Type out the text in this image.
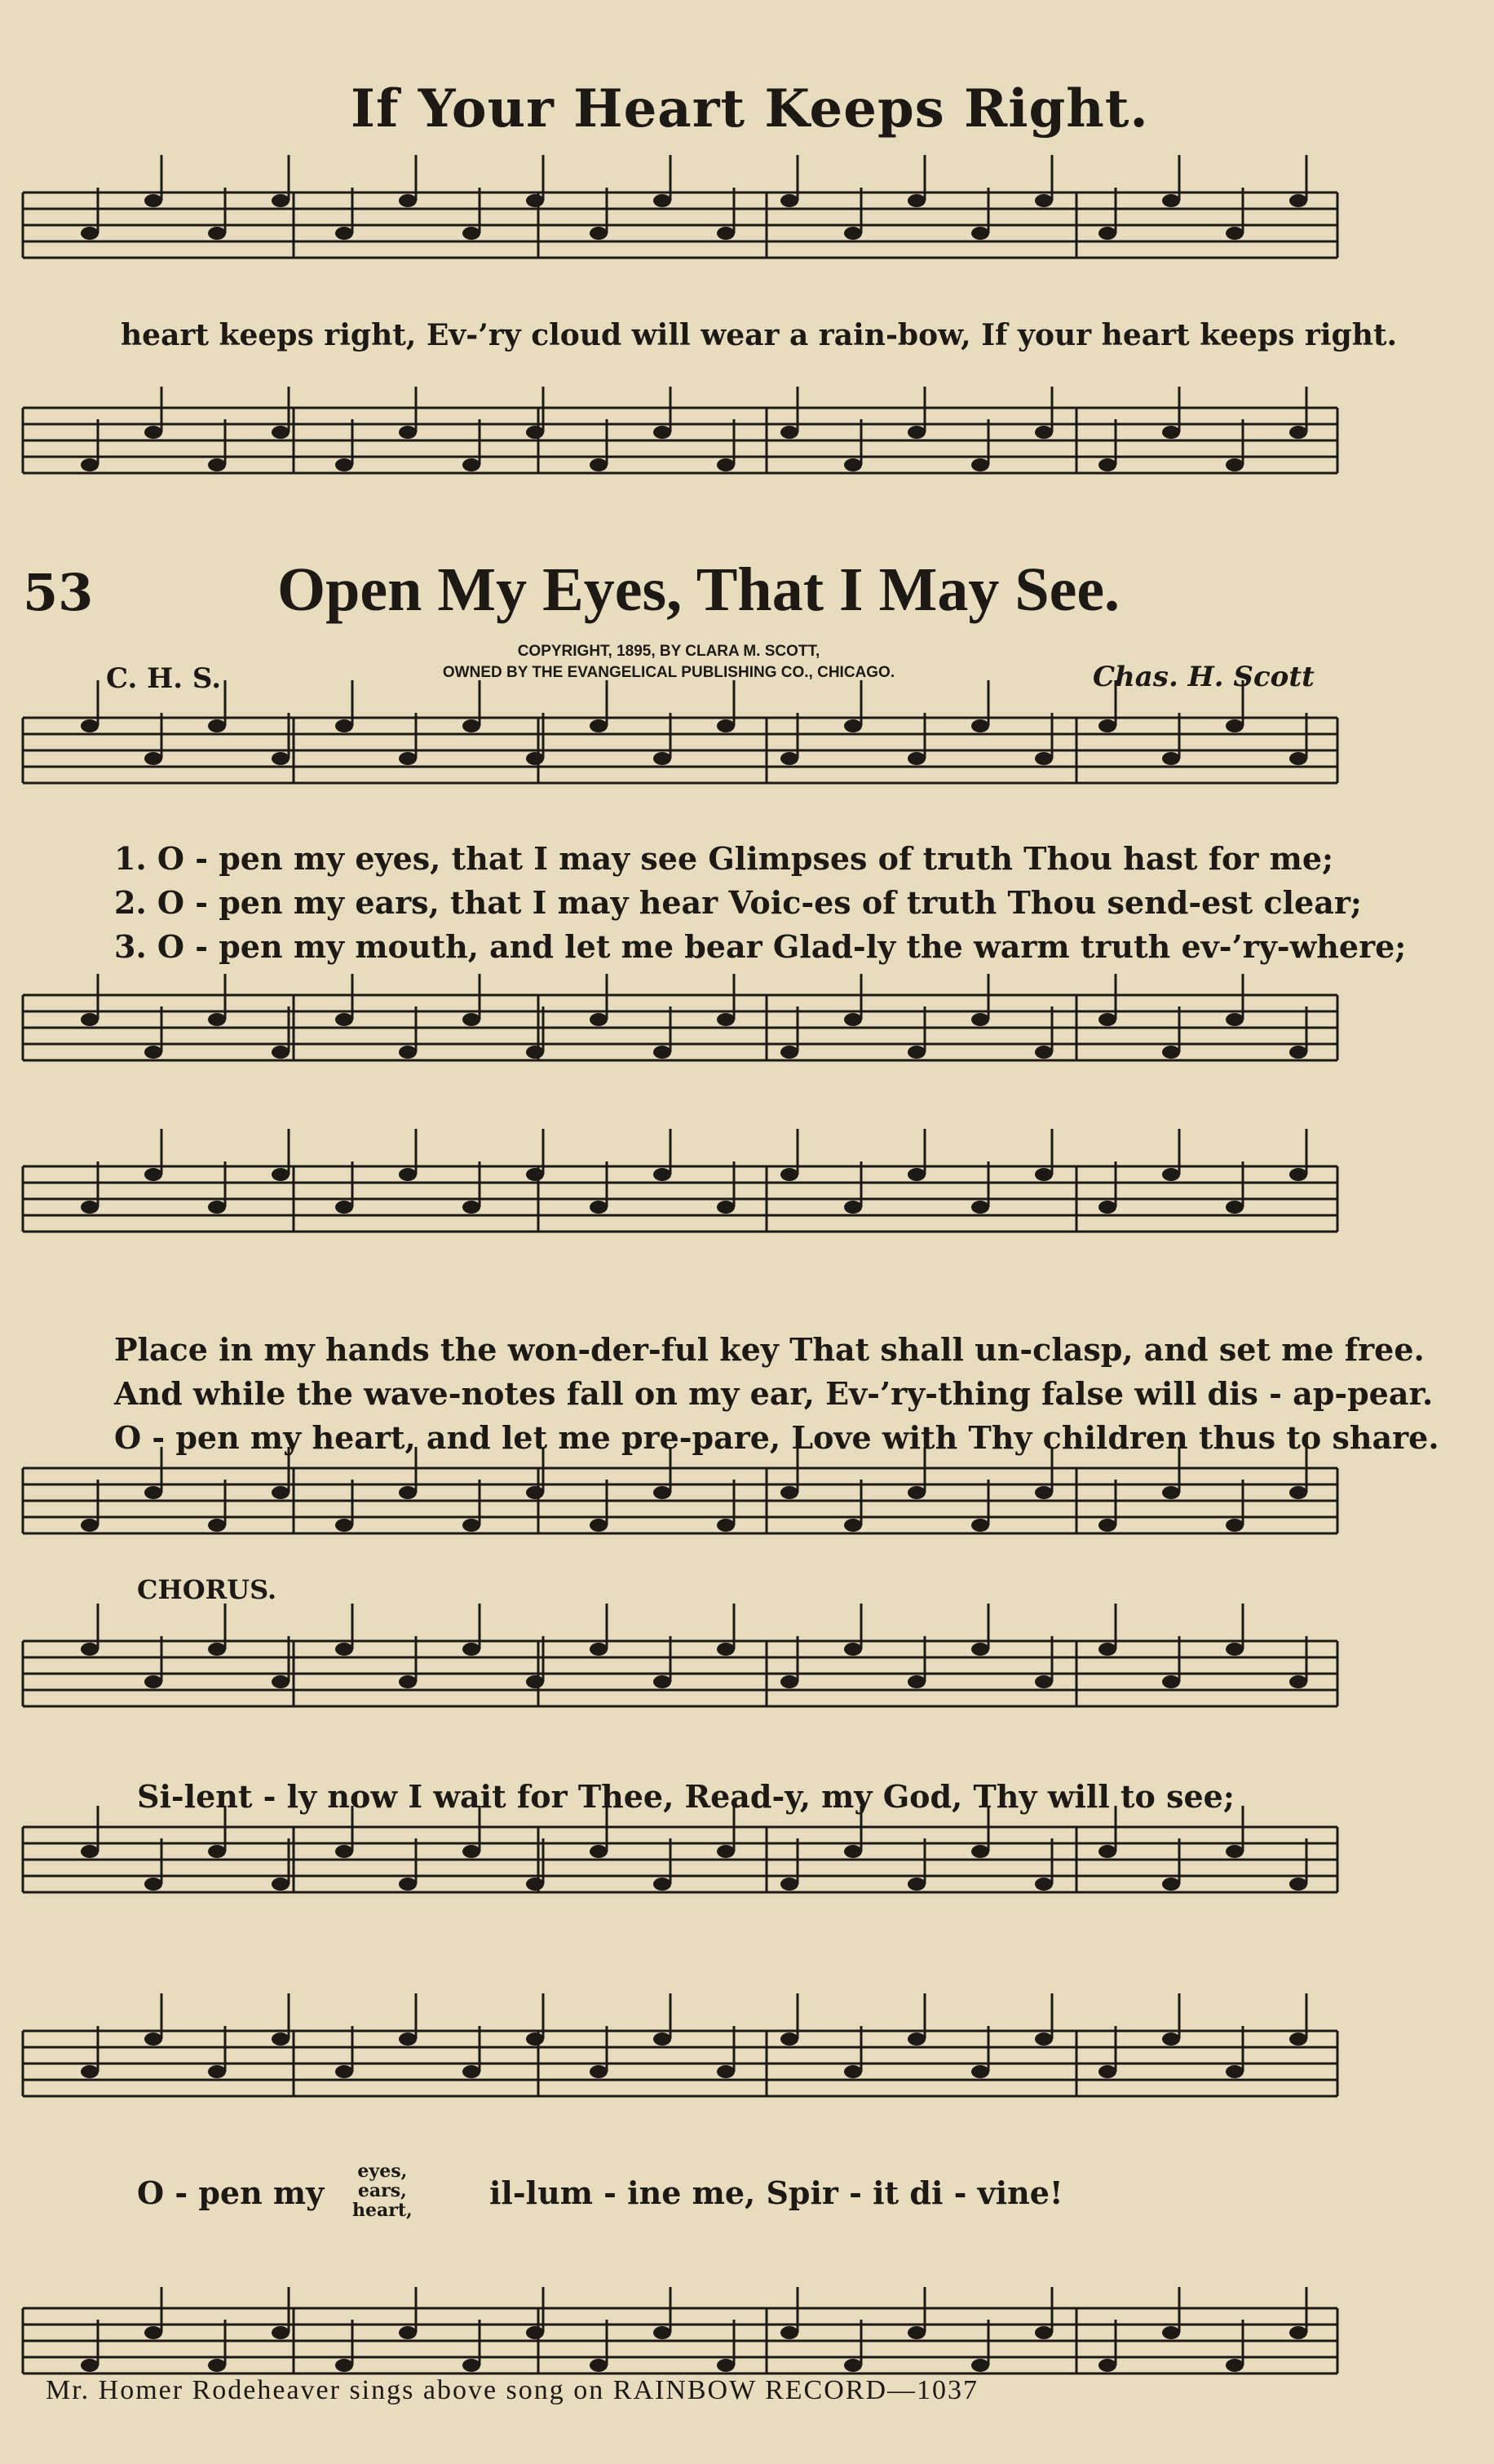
If Your Heart Keeps Right.
heart keeps right, Ev-’ry cloud will wear a rain-bow, If your heart keeps right.
53	Open My Eyes, That I May See.
COPYRIGHT, 1895, BY CLARA M. SCOTT,
OWNED BY THE EVANGELICAL PUBLISHING CO., CHICAGO.
C. H. S.	Chas. H. Scott
1. O - pen my eyes, that I may see Glimpses of truth Thou hast for me;
2. O - pen my ears, that I may hear Voic-es of truth Thou send-est clear;
3. O - pen my mouth, and let me bear Glad-ly the warm truth ev-’ry-where;
Place in my hands the won-der-ful key That shall un-clasp, and set me free.
And while the wave-notes fall on my ear, Ev-’ry-thing false will dis - ap-pear.
O - pen my heart, and let me pre-pare, Love with Thy children thus to share.
CHORUS.
Si-lent - ly now I wait for Thee, Read-y, my God, Thy will to see;
O - pen my
eyes,
ears,
heart, il-lum - ine me, Spir - it di - vine!
Mr. Homer Rodeheaver sings above song on RAINBOW RECORD—1037
